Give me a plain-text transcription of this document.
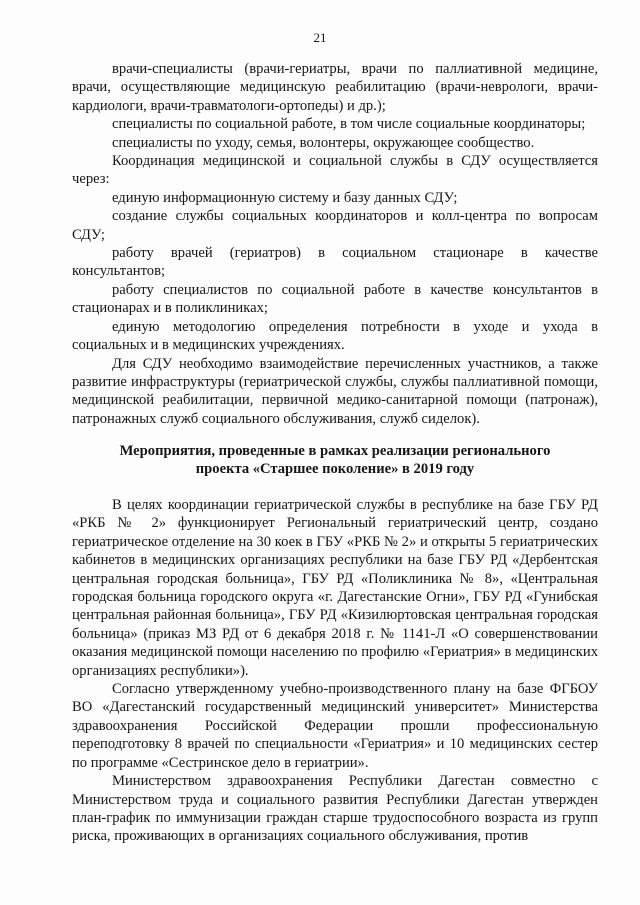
21

врачи-специалисты (врачи-гериатры, врачи по паллиативной медицине, врачи, осуществляющие медицинскую реабилитацию (врачи-неврологи, врачи-кардиологи, врачи-травматологи-ортопеды) и др.);

специалисты по социальной работе, в том числе социальные координаторы;

специалисты по уходу, семья, волонтеры, окружающее сообщество.

Координация медицинской и социальной службы в СДУ осуществляется через:

единую информационную систему и базу данных СДУ;

создание службы социальных координаторов и колл-центра по вопросам СДУ;

работу врачей (гериатров) в социальном стационаре в качестве консультантов;

работу специалистов по социальной работе в качестве консультантов в стационарах и в поликлиниках;

единую методологию определения потребности в уходе и ухода в социальных и в медицинских учреждениях.

Для СДУ необходимо взаимодействие перечисленных участников, а также развитие инфраструктуры (гериатрической службы, службы паллиативной помощи, медицинской реабилитации, первичной медико-санитарной помощи (патронаж), патронажных служб социального обслуживания, служб сиделок).

Мероприятия, проведенные в рамках реализации регионального
проекта «Старшее поколение» в 2019 году

В целях координации гериатрической службы в республике на базе ГБУ РД «РКБ № 2» функционирует Региональный гериатрический центр, создано гериатрическое отделение на 30 коек в ГБУ «РКБ № 2» и открыты 5 гериатрических кабинетов в медицинских организациях республики на базе ГБУ РД «Дербентская центральная городская больница», ГБУ РД «Поликлиника № 8», «Центральная городская больница городского округа «г. Дагестанские Огни», ГБУ РД «Гунибская центральная районная больница», ГБУ РД «Кизилюртовская центральная городская больница» (приказ МЗ РД от 6 декабря 2018 г. № 1141-Л «О совершенствовании оказания медицинской помощи населению по профилю «Гериатрия» в медицинских организациях республики»).

Согласно утвержденному учебно-производственного плану на базе ФГБОУ ВО «Дагестанский государственный медицинский университет» Министерства здравоохранения Российской Федерации прошли профессиональную переподготовку 8 врачей по специальности «Гериатрия» и 10 медицинских сестер по программе «Сестринское дело в гериатрии».

Министерством здравоохранения Республики Дагестан совместно с Министерством труда и социального развития Республики Дагестан утвержден план-график по иммунизации граждан старше трудоспособного возраста из групп риска, проживающих в организациях социального обслуживания, против
